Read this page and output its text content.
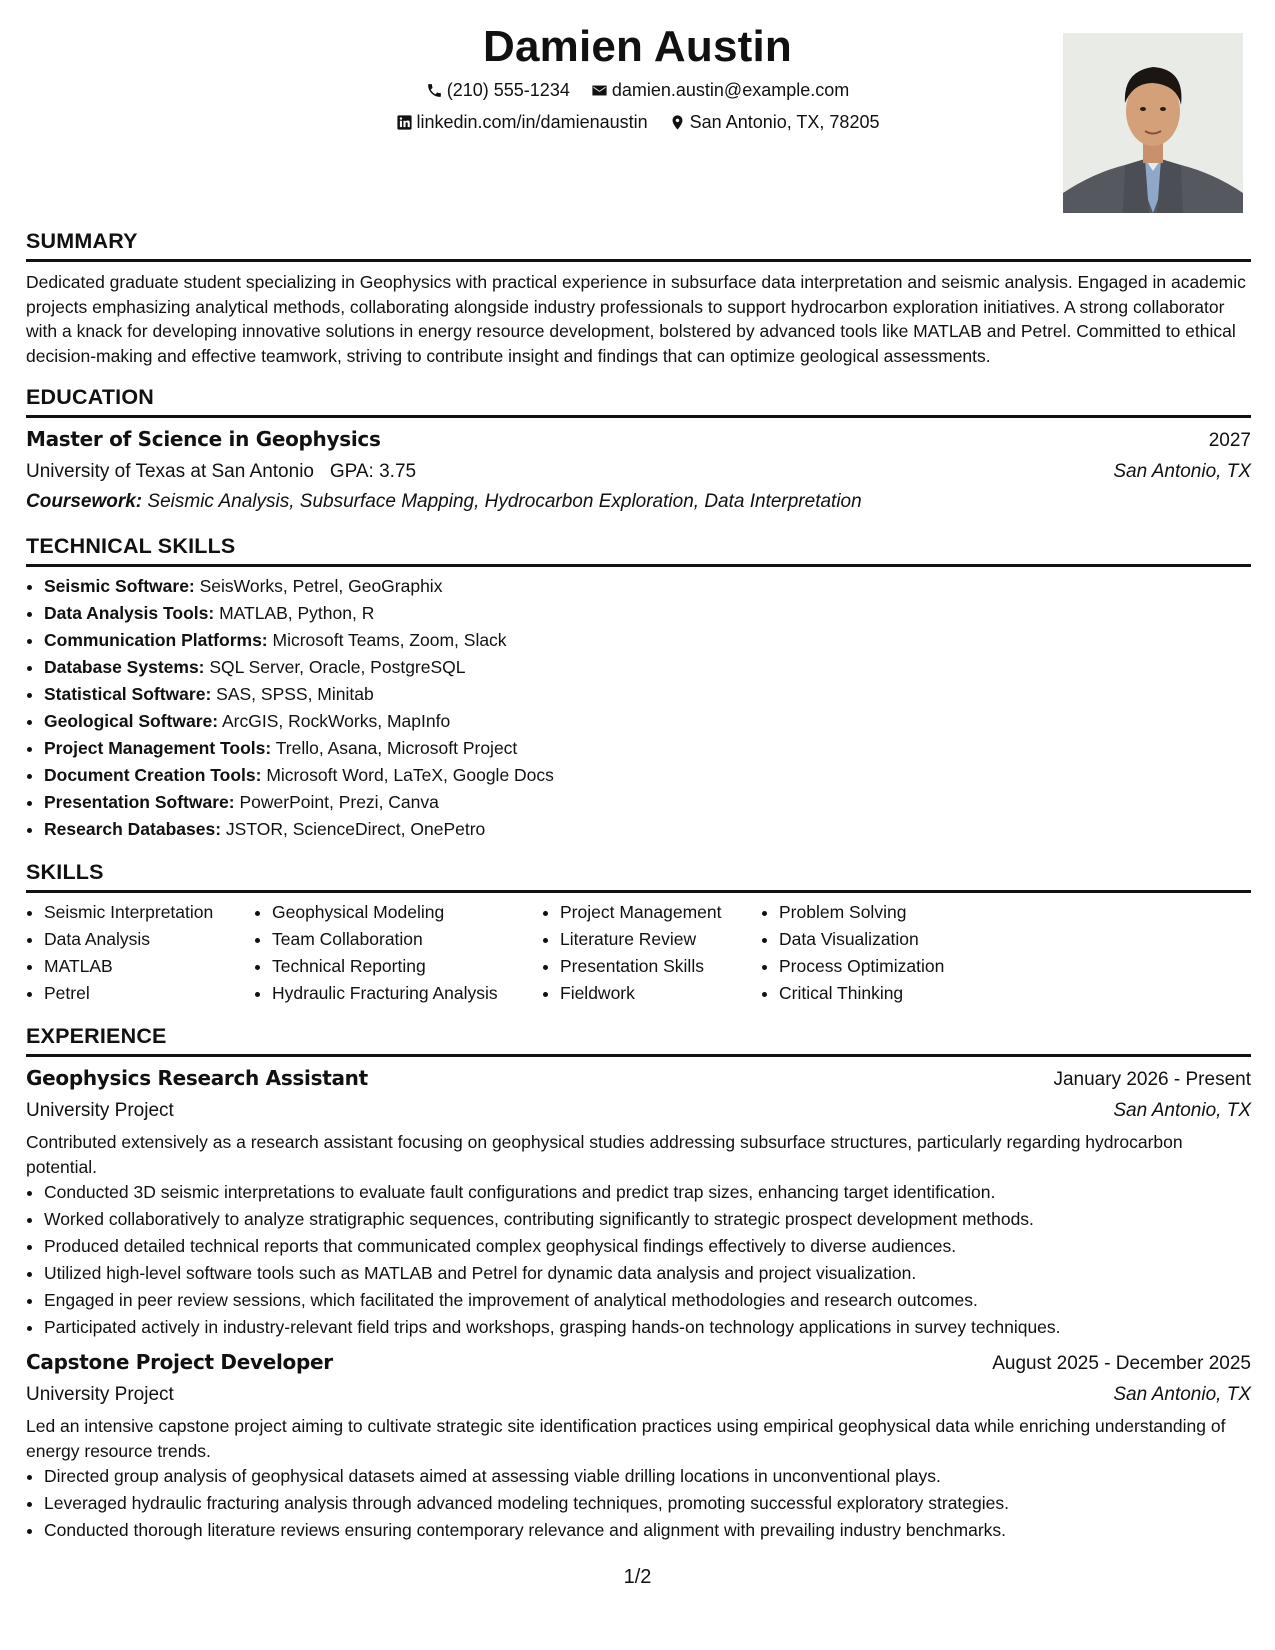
Damien Austin
(210) 555-1234
damien.austin@example.com
linkedin.com/in/damienaustin
San Antonio, TX, 78205
SUMMARY

Dedicated graduate student specializing in Geophysics with practical experience in subsurface data interpretation and seismic analysis. Engaged in academic projects emphasizing analytical methods, collaborating alongside industry professionals to support hydrocarbon exploration initiatives. A strong collaborator with a knack for developing innovative solutions in energy resource development, bolstered by advanced tools like MATLAB and Petrel. Committed to ethical decision-making and effective teamwork, striving to contribute insight and findings that can optimize geological assessments.

EDUCATION
Master of Science in Geophysics	2027
University of Texas at San Antonio GPA: 3.75	San Antonio, TX
Coursework: Seismic Analysis, Subsurface Mapping, Hydrocarbon Exploration, Data Interpretation
TECHNICAL SKILLS
• Seismic Software: SeisWorks, Petrel, GeoGraphix
• Data Analysis Tools: MATLAB, Python, R
• Communication Platforms: Microsoft Teams, Zoom, Slack
• Database Systems: SQL Server, Oracle, PostgreSQL
• Statistical Software: SAS, SPSS, Minitab
• Geological Software: ArcGIS, RockWorks, MapInfo
• Project Management Tools: Trello, Asana, Microsoft Project
• Document Creation Tools: Microsoft Word, LaTeX, Google Docs
• Presentation Software: PowerPoint, Prezi, Canva
• Research Databases: JSTOR, ScienceDirect, OnePetro
SKILLS
• Seismic Interpretation
• Data Analysis
• MATLAB
• Petrel
• Geophysical Modeling
• Team Collaboration
• Technical Reporting
• Hydraulic Fracturing Analysis
• Project Management
• Literature Review
• Presentation Skills
• Fieldwork
• Problem Solving
• Data Visualization
• Process Optimization
• Critical Thinking
EXPERIENCE
Geophysics Research Assistant	January 2026 - Present
University Project	San Antonio, TX

Contributed extensively as a research assistant focusing on geophysical studies addressing subsurface structures, particularly regarding hydrocarbon potential.

• Conducted 3D seismic interpretations to evaluate fault configurations and predict trap sizes, enhancing target identification.
• Worked collaboratively to analyze stratigraphic sequences, contributing significantly to strategic prospect development methods.
• Produced detailed technical reports that communicated complex geophysical findings effectively to diverse audiences.
• Utilized high-level software tools such as MATLAB and Petrel for dynamic data analysis and project visualization.
• Engaged in peer review sessions, which facilitated the improvement of analytical methodologies and research outcomes.
• Participated actively in industry-relevant field trips and workshops, grasping hands-on technology applications in survey techniques.
Capstone Project Developer	August 2025 - December 2025
University Project	San Antonio, TX

Led an intensive capstone project aiming to cultivate strategic site identification practices using empirical geophysical data while enriching understanding of energy resource trends.

• Directed group analysis of geophysical datasets aimed at assessing viable drilling locations in unconventional plays.
• Leveraged hydraulic fracturing analysis through advanced modeling techniques, promoting successful exploratory strategies.
• Conducted thorough literature reviews ensuring contemporary relevance and alignment with prevailing industry benchmarks.
1/2
